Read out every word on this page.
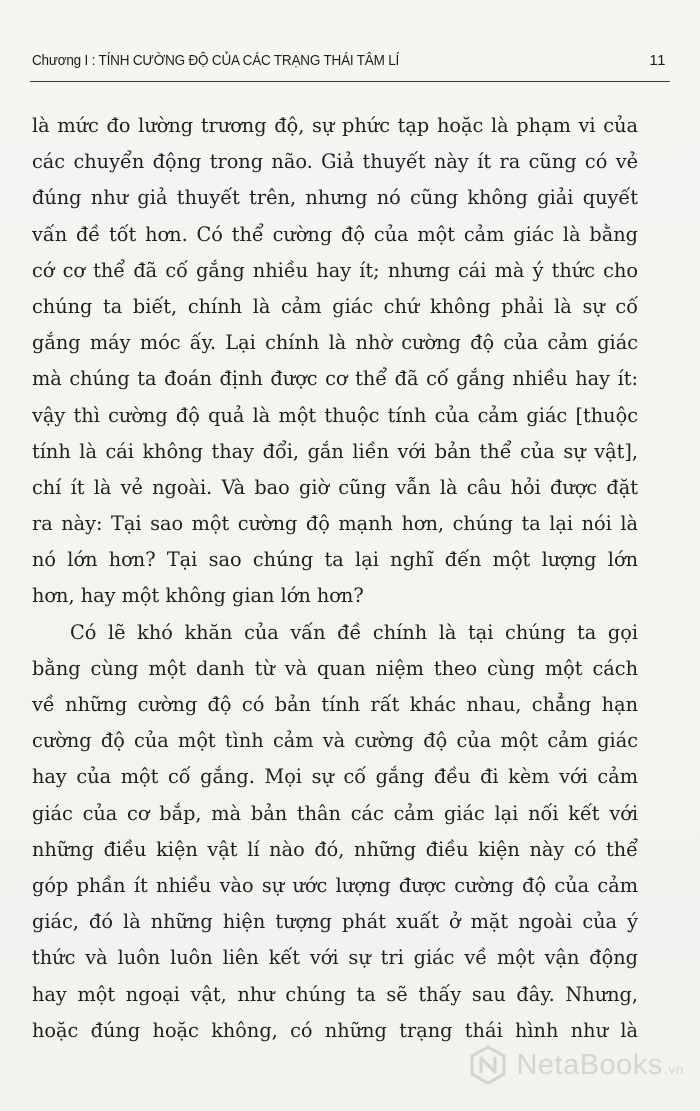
Chương I : TÍNH CƯỜNG ĐỘ CỦA CÁC TRẠNG THÁI TÂM LÍ	11
là mức đo lường trương độ, sự phức tạp hoặc là phạm vi của
các chuyển động trong não. Giả thuyết này ít ra cũng có vẻ
đúng như giả thuyết trên, nhưng nó cũng không giải quyết
vấn đề tốt hơn. Có thể cường độ của một cảm giác là bằng
cớ cơ thể đã cố gắng nhiều hay ít; nhưng cái mà ý thức cho
chúng ta biết, chính là cảm giác chứ không phải là sự cố
gắng máy móc ấy. Lại chính là nhờ cường độ của cảm giác
mà chúng ta đoán định được cơ thể đã cố gắng nhiều hay ít:
vậy thì cường độ quả là một thuộc tính của cảm giác [thuộc
tính là cái không thay đổi, gắn liền với bản thể của sự vật],
chí ít là vẻ ngoài. Và bao giờ cũng vẫn là câu hỏi được đặt
ra này: Tại sao một cường độ mạnh hơn, chúng ta lại nói là
nó lớn hơn? Tại sao chúng ta lại nghĩ đến một lượng lớn
hơn, hay một không gian lớn hơn?
Có lẽ khó khăn của vấn đề chính là tại chúng ta gọi
bằng cùng một danh từ và quan niệm theo cùng một cách
về những cường độ có bản tính rất khác nhau, chẳng hạn
cường độ của một tình cảm và cường độ của một cảm giác
hay của một cố gắng. Mọi sự cố gắng đều đi kèm với cảm
giác của cơ bắp, mà bản thân các cảm giác lại nối kết với
những điều kiện vật lí nào đó, những điều kiện này có thể
góp phần ít nhiều vào sự ước lượng được cường độ của cảm
giác, đó là những hiện tượng phát xuất ở mặt ngoài của ý
thức và luôn luôn liên kết với sự tri giác về một vận động
hay một ngoại vật, như chúng ta sẽ thấy sau đây. Nhưng,
hoặc đúng hoặc không, có những trạng thái hình như là
NetaBooks.vn
